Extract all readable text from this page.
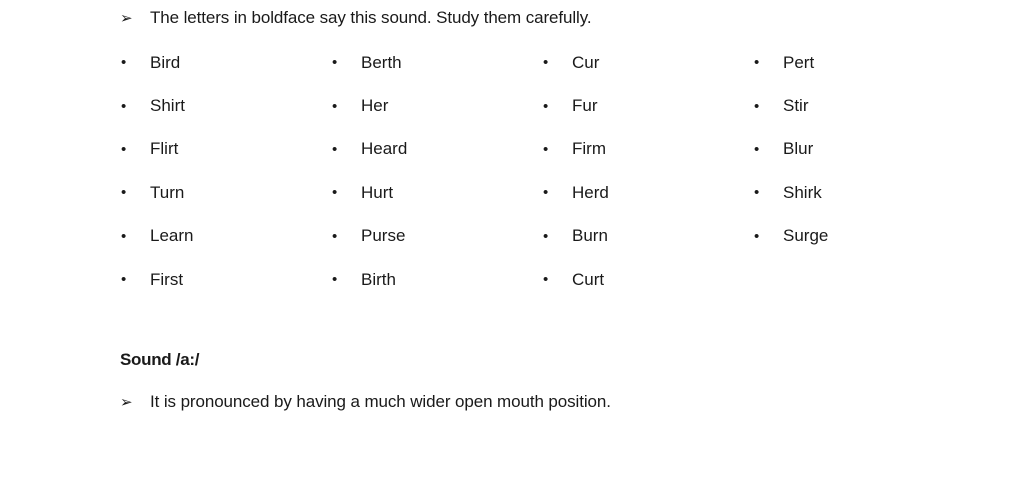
➢	The letters in boldface say this sound. Study them carefully.
•	Bird
•	Shirt
•	Flirt
•	Turn
•	Learn
•	First
•	Berth
•	Her
•	Heard
•	Hurt
•	Purse
•	Birth
•	Cur
•	Fur
•	Firm
•	Herd
•	Burn
•	Curt
•	Pert
•	Stir
•	Blur
•	Shirk
•	Surge
Sound /a:/
➢	It is pronounced by having a much wider open mouth position.
